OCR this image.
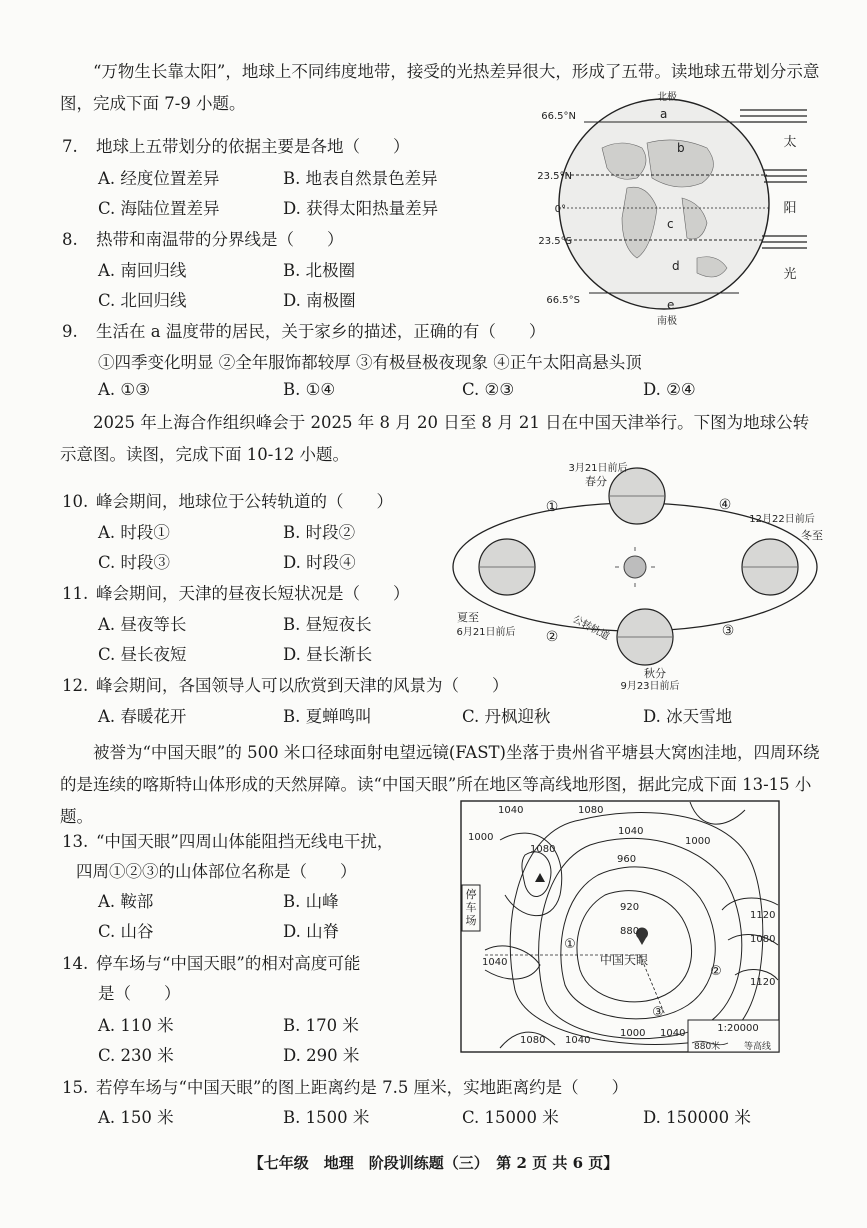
“万物生长靠太阳”，地球上不同纬度地带，接受的光热差异很大，形成了五带。读地球五带划分示意图，完成下面 7-9 小题。
7. 地球上五带划分的依据主要是各地（　　）
A. 经度位置差异	B. 地表自然景色差异
C. 海陆位置差异	D. 获得太阳热量差异
8. 热带和南温带的分界线是（　　）
A. 南回归线	B. 北极圈
C. 北回归线	D. 南极圈
9. 生活在 a 温度带的居民，关于家乡的描述，正确的有（　　）
①四季变化明显 ②全年服饰都较厚 ③有极昼极夜现象 ④正午太阳高悬头顶
A. ①③	B. ①④	C. ②③	D. ②④
北极
南极
66.5°N
23.5°N
0°
23.5°S
66.5°S
a
b
c
d
e
太
阳
光
2025 年上海合作组织峰会于 2025 年 8 月 20 日至 8 月 21 日在中国天津举行。下图为地球公转示意图。读图，完成下面 10-12 小题。
10. 峰会期间，地球位于公转轨道的（　　）
A. 时段①	B. 时段②
C. 时段③	D. 时段④
11. 峰会期间，天津的昼夜长短状况是（　　）
A. 昼夜等长	B. 昼短夜长
C. 昼长夜短	D. 昼长渐长
12. 峰会期间，各国领导人可以欣赏到天津的风景为（　　）
A. 春暖花开	B. 夏蝉鸣叫	C. 丹枫迎秋	D. 冰天雪地
3月21日前后
春分
12月22日前后
冬至
夏至
6月21日前后
秋分
9月23日前后
公转轨道
①
②	③
④
被誉为“中国天眼”的 500 米口径球面射电望远镜(FAST)坐落于贵州省平塘县大窝凼洼地，四周环绕的是连续的喀斯特山体形成的天然屏障。读“中国天眼”所在地区等高线地形图，据此完成下面 13-15 小题。
13. “中国天眼”四周山体能阻挡无线电干扰，
四周①②③的山体部位名称是（　　）
A. 鞍部	B. 山峰
C. 山谷	D. 山脊
14. 停车场与“中国天眼”的相对高度可能
是（　　）
A. 110 米	B. 170 米
C. 230 米	D. 290 米
15. 若停车场与“中国天眼”的图上距离约是 7.5 厘米，实地距离约是（　　）
A. 150 米	B. 1500 米	C. 15000 米	D. 150000 米
停
车
场
中国天眼
①
②
③
1040	1080
1000
1040
1080
1000
960
920
880
1120
1080
1120
1040
1080 1040
1000 1040	1:20000
880米	等高线
【七年级　地理　阶段训练题（三）　第 2 页 共 6 页】
